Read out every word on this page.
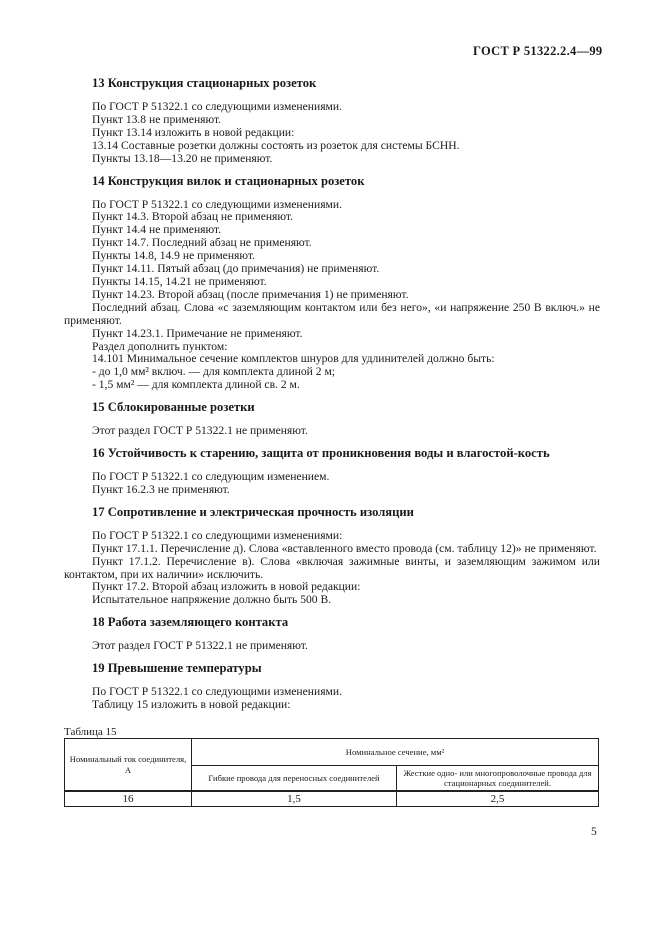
ГОСТ Р 51322.2.4—99

13 Конструкция стационарных розеток

По ГОСТ Р 51322.1 со следующими изменениями.

Пункт 13.8 не применяют.

Пункт 13.14 изложить в новой редакции:

13.14 Составные розетки должны состоять из розеток для системы БСНН.

Пункты 13.18—13.20 не применяют.

14 Конструкция вилок и стационарных розеток

По ГОСТ Р 51322.1 со следующими изменениями.

Пункт 14.3. Второй абзац не применяют.

Пункт 14.4 не применяют.

Пункт 14.7. Последний абзац не применяют.

Пункты 14.8, 14.9 не применяют.

Пункт 14.11. Пятый абзац (до примечания) не применяют.

Пункты 14.15, 14.21 не применяют.

Пункт 14.23. Второй абзац (после примечания 1) не применяют.

Последний абзац. Слова «с заземляющим контактом или без него», «и напряжение 250 В включ.» не применяют.

Пункт 14.23.1. Примечание не применяют.

Раздел дополнить пунктом:

14.101 Минимальное сечение комплектов шнуров для удлинителей должно быть:

- до 1,0 мм² включ. — для комплекта длиной 2 м;

- 1,5 мм² — для комплекта длиной св. 2 м.

15 Сблокированные розетки

Этот раздел ГОСТ Р 51322.1 не применяют.

16 Устойчивость к старению, защита от проникновения воды и влагостой-кость

По ГОСТ Р 51322.1 со следующим изменением.

Пункт 16.2.3 не применяют.

17 Сопротивление и электрическая прочность изоляции

По ГОСТ Р 51322.1 со следующими изменениями:

Пункт 17.1.1. Перечисление д). Слова «вставленного вместо провода (см. таблицу 12)» не применяют.

Пункт 17.1.2. Перечисление в). Слова «включая зажимные винты, и заземляющим зажимом или контактом, при их наличии» исключить.

Пункт 17.2. Второй абзац изложить в новой редакции:

Испытательное напряжение должно быть 500 В.

18 Работа заземляющего контакта

Этот раздел ГОСТ Р 51322.1 не применяют.

19 Превышение температуры

По ГОСТ Р 51322.1 со следующими изменениями.

Таблицу 15 изложить в новой редакции:

Таблица 15
Номинальный ток соединителя, А	Номинальное сечение, мм²	
	Гибкие провода для переносных соединителей	Жесткие одно- или многопроволочные провода для стационарных соединителей.
16	1,5	2,5
5
